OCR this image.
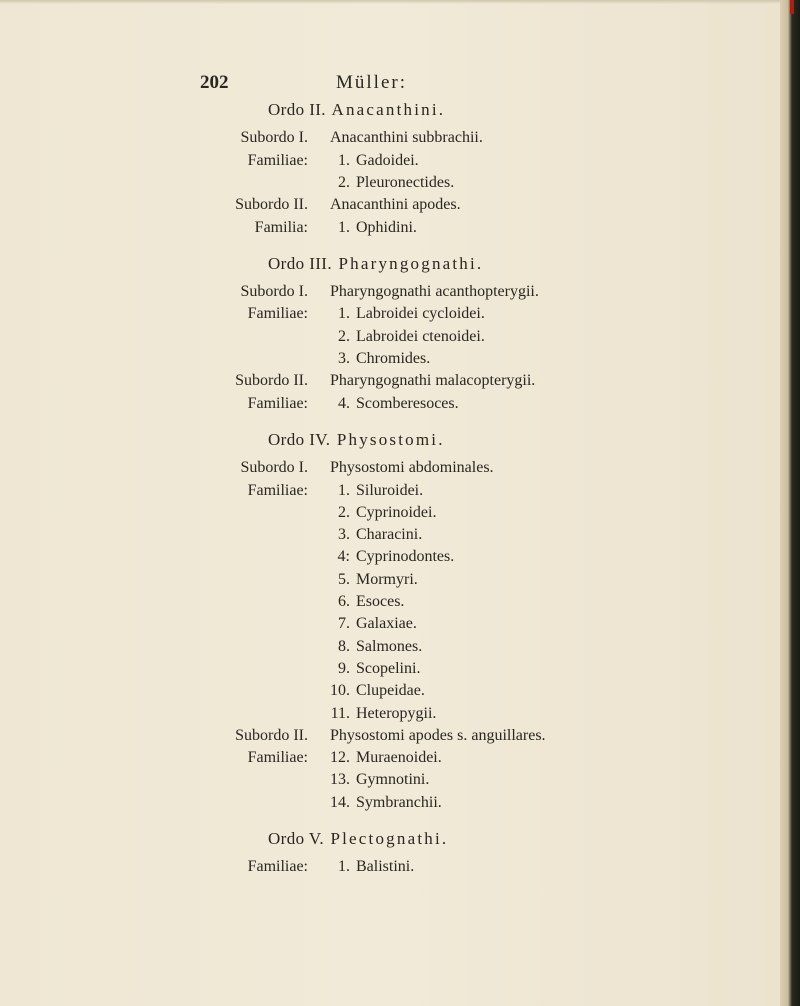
202	Müller:
Ordo II. Anacanthini.
Subordo I. Anacanthini subbrachii.
Familiae: 1. Gadoidei.
2. Pleuronectides.
Subordo II. Anacanthini apodes.
Familia: 1. Ophidini.
Ordo III. Pharyngognathi.
Subordo I. Pharyngognathi acanthopterygii.
Familiae: 1. Labroidei cycloidei.
2. Labroidei ctenoidei.
3. Chromides.
Subordo II. Pharyngognathi malacopterygii.
Familiae: 4. Scomberesoces.
Ordo IV. Physostomi.
Subordo I. Physostomi abdominales.
Familiae: 1. Siluroidei.
2. Cyprinoidei.
3. Characini.
4: Cyprinodontes.
5. Mormyri.
6. Esoces.
7. Galaxiae.
8. Salmones.
9. Scopelini.
10. Clupeidae.
11. Heteropygii.
Subordo II. Physostomi apodes s. anguillares.
Familiae: 12. Muraenoidei.
13. Gymnotini.
14. Symbranchii.
Ordo V. Plectognathi.
Familiae: 1. Balistini.
